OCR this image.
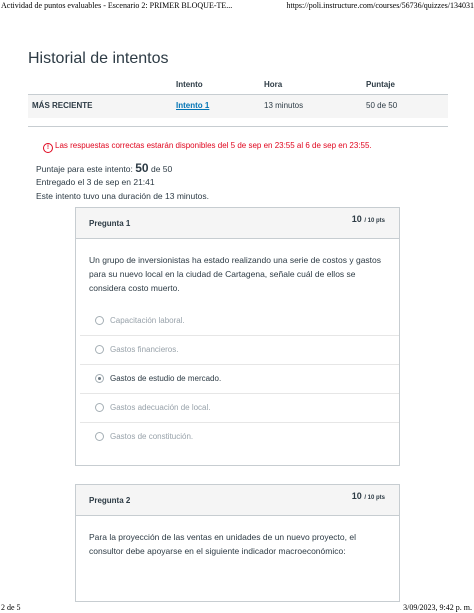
Actividad de puntos evaluables - Escenario 2: PRIMER BLOQUE-TE...	https://poli.instructure.com/courses/56736/quizzes/134031
Historial de intentos
	Intento	Hora	Puntaje
MÁS RECIENTE	Intento 1	13 minutos	50 de 50
! Las respuestas correctas estarán disponibles del 5 de sep en 23:55 al 6 de sep en 23:55.
Puntaje para este intento: 50 de 50
Entregado el 3 de sep en 21:41
Este intento tuvo una duración de 13 minutos.
Pregunta 1	10 / 10 pts
Un grupo de inversionistas ha estado realizando una serie de costos y gastos para su nuevo local en la ciudad de Cartagena, señale cuál de ellos se considera costo muerto.
Capacitación laboral.
Gastos financieros.
Gastos de estudio de mercado.
Gastos adecuación de local.
Gastos de constitución.
Pregunta 2	10 / 10 pts
Para la proyección de las ventas en unidades de un nuevo proyecto, el consultor debe apoyarse en el siguiente indicador macroeconómico:
2 de 5	3/09/2023, 9:42 p. m.
